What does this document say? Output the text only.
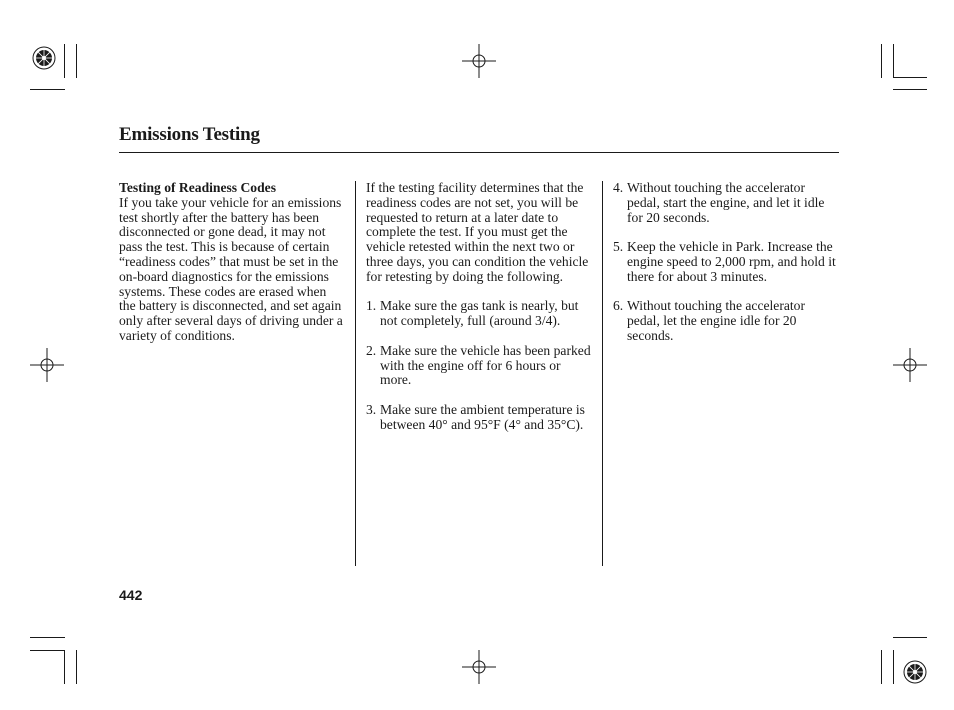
Emissions Testing

Testing of Readiness Codes

If you take your vehicle for an emissions test shortly after the battery has been disconnected or gone dead, it may not pass the test. This is because of certain “readiness codes” that must be set in the on-board diagnostics for the emissions systems. These codes are erased when the battery is disconnected, and set again only after several days of driving under a variety of conditions.

If the testing facility determines that the readiness codes are not set, you will be requested to return at a later date to complete the test. If you must get the vehicle retested within the next two or three days, you can condition the vehicle for retesting by doing the following.

1. Make sure the gas tank is nearly, but not completely, full (around 3/4).
2. Make sure the vehicle has been parked with the engine off for 6 hours or more.
3. Make sure the ambient temperature is between 40° and 95°F (4° and 35°C).
4. Without touching the accelerator pedal, start the engine, and let it idle for 20 seconds.
5. Keep the vehicle in Park. Increase the engine speed to 2,000 rpm, and hold it there for about 3 minutes.
6. Without touching the accelerator pedal, let the engine idle for 20 seconds.
442
